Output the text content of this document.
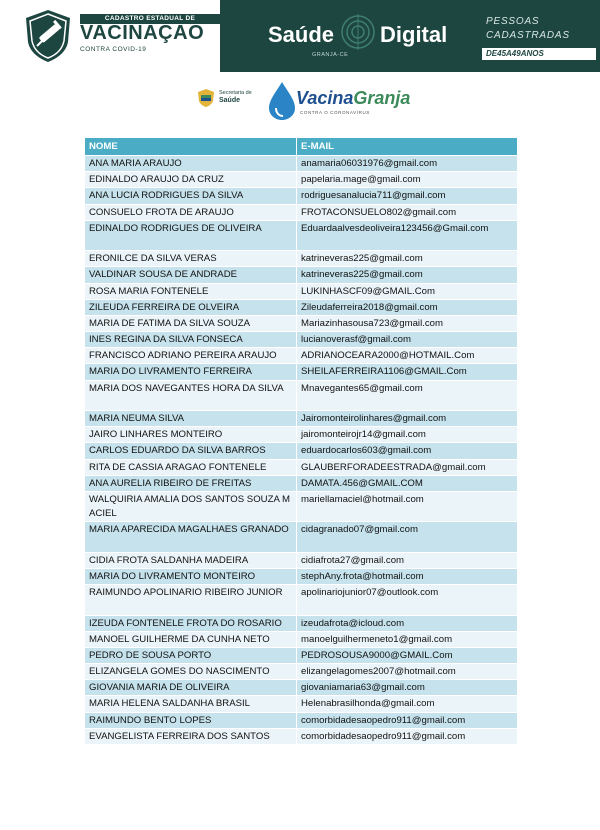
CADASTRO ESTADUAL DE
VACINAÇÃO
CONTRA COVID-19
Saúde Digital
GRANJA-CE
PESSOAS
CADASTRADAS
DE45A49ANOS
Secretaria de
Saúde	VacinaGranja
CONTRA O CORONAVÍRUS
NOME	E-MAIL
ANA MARIA ARAUJO	anamaria06031976@gmail.com
EDINALDO ARAUJO DA CRUZ	papelaria.mage@gmail.com
ANA LUCIA RODRIGUES DA SILVA	rodriguesanalucia711@gmail.com
CONSUELO FROTA DE ARAUJO	FROTACONSUELO802@gmail.com
EDINALDO RODRIGUES DE OLIVEIRA	Eduardaalvesdeoliveira123456@Gmail.com
ERONILCE DA SILVA VERAS	katrineveras225@gmail.com
VALDINAR SOUSA DE ANDRADE	katrineveras225@gmail.com
ROSA MARIA FONTENELE	LUKINHASCF09@GMAIL.Com
ZILEUDA FERREIRA DE OLVEIRA	Zileudaferreira2018@gmail.com
MARIA DE FATIMA DA SILVA SOUZA	Mariazinhasousa723@gmail.com
INES REGINA DA SILVA FONSECA	lucianoverasf@gmail.com
FRANCISCO ADRIANO PEREIRA ARAUJO	ADRIANOCEARA2000@HOTMAIL.Com
MARIA DO LIVRAMENTO FERREIRA	SHEILAFERREIRA1106@GMAIL.Com
MARIA DOS NAVEGANTES HORA DA SILVA	Mnavegantes65@gmail.com
MARIA NEUMA SILVA	Jairomonteirolinhares@gmail.com
JAIRO LINHARES MONTEIRO	jairomonteirojr14@gmail.com
CARLOS EDUARDO DA SILVA BARROS	eduardocarlos603@gmail.com
RITA DE CASSIA ARAGAO FONTENELE	GLAUBERFORADEESTRADA@gmail.com
ANA AURELIA RIBEIRO DE FREITAS	DAMATA.456@GMAIL.COM
WALQUIRIA AMALIA DOS SANTOS SOUZA MACIEL	mariellamaciel@hotmail.com
MARIA APARECIDA MAGALHAES GRANADO	cidagranado07@gmail.com
CIDIA FROTA SALDANHA MADEIRA	cidiafrota27@gmail.com
MARIA DO LIVRAMENTO MONTEIRO	stephAny.frota@hotmail.com
RAIMUNDO APOLINARIO RIBEIRO JUNIOR	apolinariojunior07@outlook.com
IZEUDA FONTENELE FROTA DO ROSARIO	izeudafrota@icloud.com
MANOEL GUILHERME DA CUNHA NETO	manoelguilhermeneto1@gmail.com
PEDRO DE SOUSA PORTO	PEDROSOUSA9000@GMAIL.Com
ELIZANGELA GOMES DO NASCIMENTO	elizangelagomes2007@hotmail.com
GIOVANIA MARIA DE OLIVEIRA	giovaniamaria63@gmail.com
MARIA HELENA SALDANHA BRASIL	Helenabrasilhonda@gmail.com
RAIMUNDO BENTO LOPES	comorbidadesaopedro911@gmail.com
EVANGELISTA FERREIRA DOS SANTOS	comorbidadesaopedro911@gmail.com
